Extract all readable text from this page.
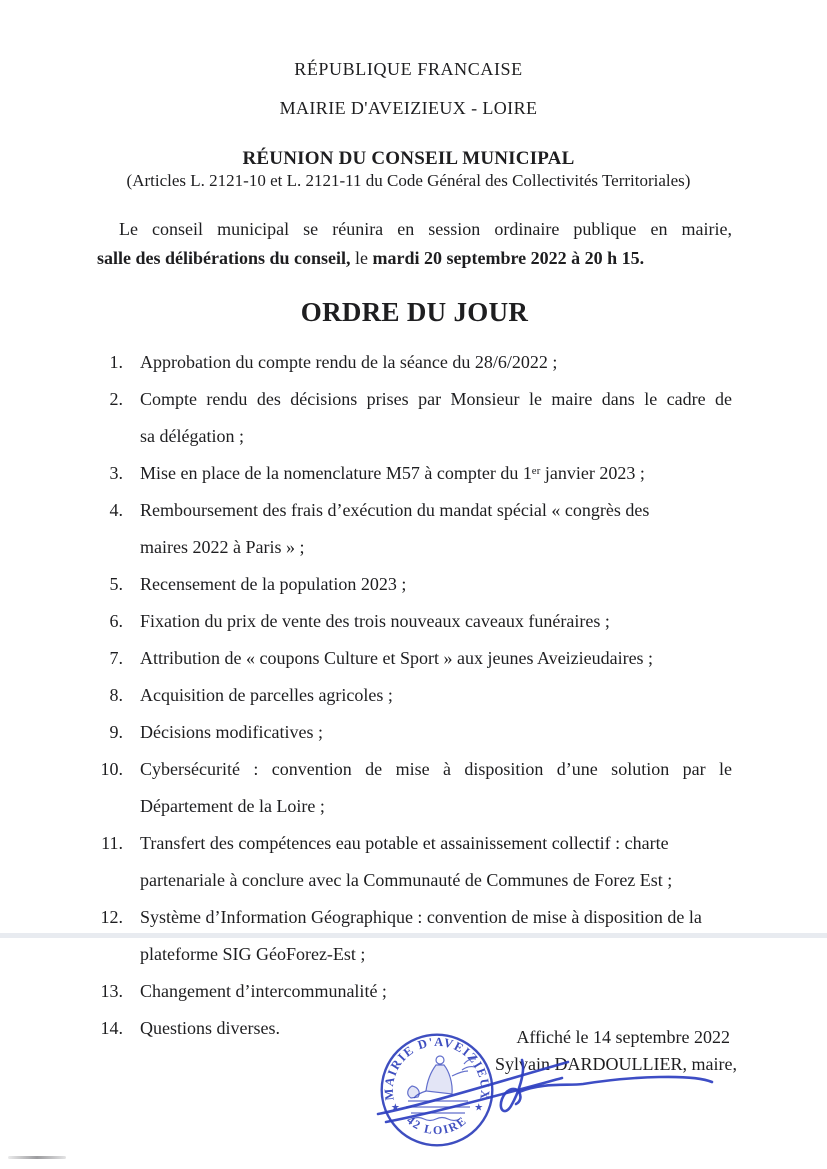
RÉPUBLIQUE FRANCAISE
MAIRIE D'AVEIZIEUX - LOIRE
RÉUNION DU CONSEIL MUNICIPAL
(Articles L. 2121-10 et L. 2121-11 du Code Général des Collectivités Territoriales)
Le conseil municipal se réunira en session ordinaire publique en mairie,
salle des délibérations du conseil, le mardi 20 septembre 2022 à 20 h 15.
ORDRE DU JOUR
1. Approbation du compte rendu de la séance du 28/6/2022 ;
2. Compte rendu des décisions prises par Monsieur le maire dans le cadre de
sa délégation ;
3. Mise en place de la nomenclature M57 à compter du 1ᵉʳ janvier 2023 ;
4. Remboursement des frais d’exécution du mandat spécial « congrès des
maires 2022 à Paris » ;
5. Recensement de la population 2023 ;
6. Fixation du prix de vente des trois nouveaux caveaux funéraires ;
7. Attribution de « coupons Culture et Sport » aux jeunes Aveizieudaires ;
8. Acquisition de parcelles agricoles ;
9. Décisions modificatives ;
10. Cybersécurité : convention de mise à disposition d’une solution par le
Département de la Loire ;
11. Transfert des compétences eau potable et assainissement collectif : charte
partenariale à conclure avec la Communauté de Communes de Forez Est ;
12. Système d’Information Géographique : convention de mise à disposition de la
plateforme SIG GéoForez-Est ;
13. Changement d’intercommunalité ;
14. Questions diverses.	Affiché le 14 septembre 2022
Sylvain DARDOULLIER, maire,
MAIRIE D'AVEIZIEUX
42 LOIRE
★	★
